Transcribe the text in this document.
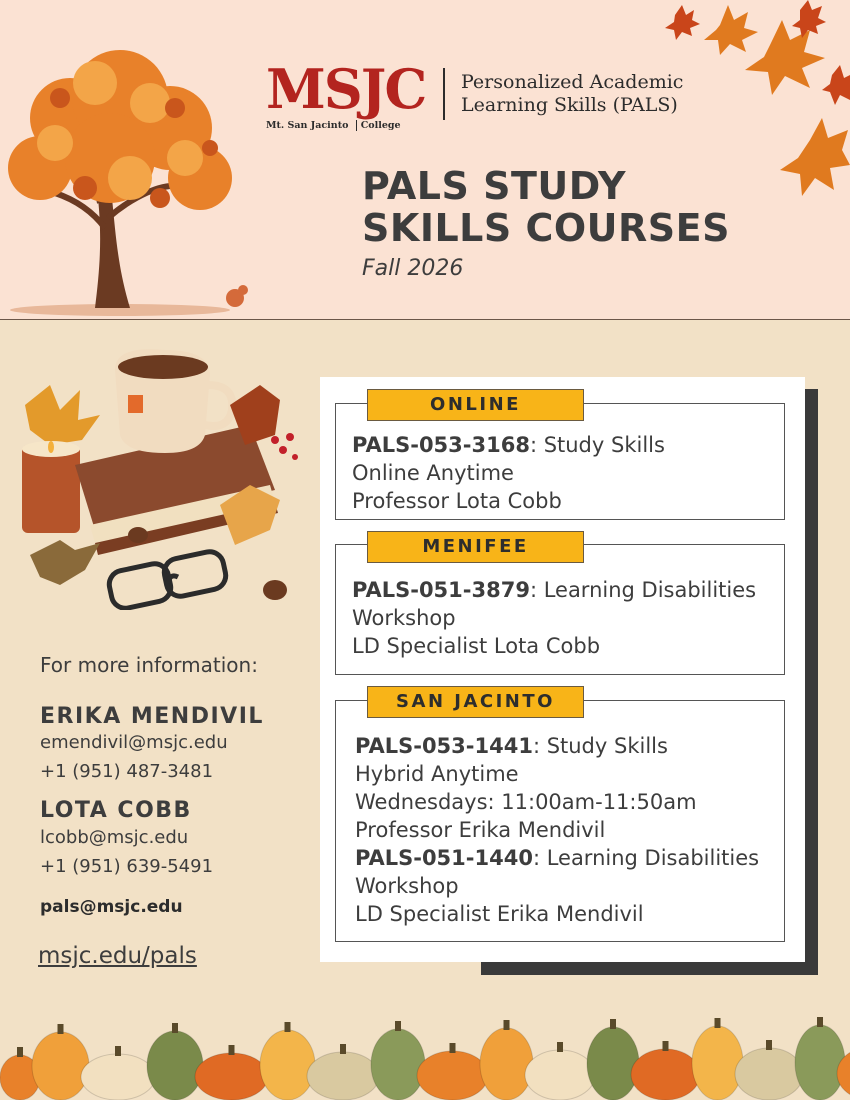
MSJC
Mt. San Jacinto College
Personalized Academic Learning Skills (PALS)
PALS STUDY
SKILLS COURSES
Fall 2026
For more information:
ERIKA MENDIVIL
emendivil@msjc.edu
+1 (951) 487-3481
LOTA COBB
lcobb@msjc.edu
+1 (951) 639-5491
pals@msjc.edu
msjc.edu/pals
ONLINE
PALS-053-3168: Study Skills
Online Anytime
Professor Lota Cobb
MENIFEE
PALS-051-3879: Learning Disabilities
Workshop
LD Specialist Lota Cobb
SAN JACINTO
PALS-053-1441: Study Skills
Hybrid Anytime
Wednesdays: 11:00am-11:50am
Professor Erika Mendivil
PALS-051-1440: Learning Disabilities
Workshop
LD Specialist Erika Mendivil
